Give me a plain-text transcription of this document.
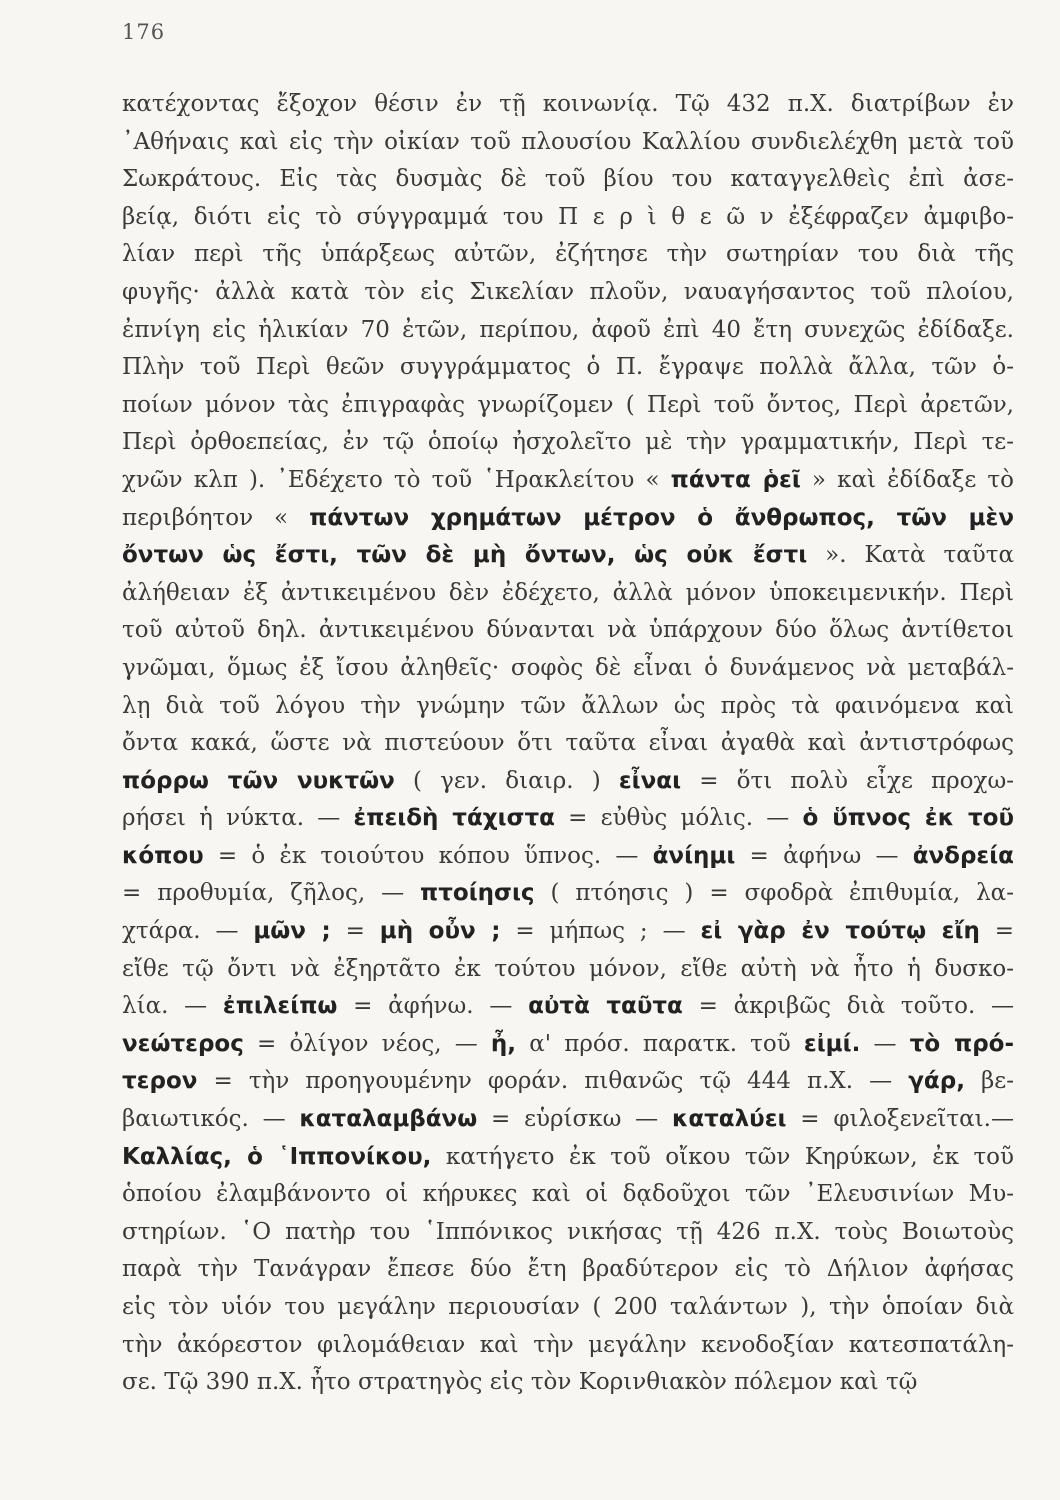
176
κατέχοντας ἔξοχον θέσιν ἐν τῇ κοινωνίᾳ. Τῷ 432 π.Χ. διατρίβων ἐν
᾿Αθήναις καὶ εἰς τὴν οἰκίαν τοῦ πλουσίου Καλλίου συνδιελέχθη μετὰ τοῦ
Σωκράτους. Εἰς τὰς δυσμὰς δὲ τοῦ βίου του καταγγελθεὶς ἐπὶ ἀσε-
βείᾳ, διότι εἰς τὸ σύγγραμμά του Π ε ρ ὶ θ ε ῶ ν ἐξέφραζεν ἀμφιβο-
λίαν περὶ τῆς ὑπάρξεως αὐτῶν, ἐζήτησε τὴν σωτηρίαν του διὰ τῆς
φυγῆς· ἀλλὰ κατὰ τὸν εἰς Σικελίαν πλοῦν, ναυαγήσαντος τοῦ πλοίου,
ἐπνίγη εἰς ἡλικίαν 70 ἐτῶν, περίπου, ἀφοῦ ἐπὶ 40 ἔτη συνεχῶς ἐδίδαξε.
Πλὴν τοῦ Περὶ θεῶν συγγράμματος ὁ Π. ἔγραψε πολλὰ ἄλλα, τῶν ὁ-
ποίων μόνον τὰς ἐπιγραφὰς γνωρίζομεν ( Περὶ τοῦ ὄντος, Περὶ ἀρετῶν,
Περὶ ὀρθοεπείας, ἐν τῷ ὁποίῳ ἠσχολεῖτο μὲ τὴν γραμματικήν, Περὶ τε-
χνῶν κλπ ). ᾿Εδέχετο τὸ τοῦ ῾Ηρακλείτου « πάντα ῥεῖ » καὶ ἐδίδαξε τὸ
περιβόητον « πάντων χρημάτων μέτρον ὁ ἄνθρωπος, τῶν μὲν
ὄντων ὡς ἔστι, τῶν δὲ μὴ ὄντων, ὡς οὐκ ἔστι ». Κατὰ ταῦτα
ἀλήθειαν ἐξ ἀντικειμένου δὲν ἐδέχετο, ἀλλὰ μόνον ὑποκειμενικήν. Περὶ
τοῦ αὐτοῦ δηλ. ἀντικειμένου δύνανται νὰ ὑπάρχουν δύο ὅλως ἀντίθετοι
γνῶμαι, ὅμως ἐξ ἴσου ἀληθεῖς· σοφὸς δὲ εἶναι ὁ δυνάμενος νὰ μεταβάλ-
λῃ διὰ τοῦ λόγου τὴν γνώμην τῶν ἄλλων ὡς πρὸς τὰ φαινόμενα καὶ
ὄντα κακά, ὥστε νὰ πιστεύουν ὅτι ταῦτα εἶναι ἀγαθὰ καὶ ἀντιστρόφως
πόρρω τῶν νυκτῶν ( γεν. διαιρ. ) εἶναι = ὅτι πολὺ εἶχε προχω-
ρήσει ἡ νύκτα. — ἐπειδὴ τάχιστα = εὐθὺς μόλις. — ὁ ὕπνος ἐκ τοῦ
κόπου = ὁ ἐκ τοιούτου κόπου ὕπνος. — ἀνίημι = ἀφήνω — ἀνδρεία
= προθυμία, ζῆλος, — πτοίησις ( πτόησις ) = σφοδρὰ ἐπιθυμία, λα-
χτάρα. — μῶν ; = μὴ οὖν ; = μήπως ; — εἰ γὰρ ἐν τούτῳ εἴη =
εἴθε τῷ ὄντι νὰ ἐξηρτᾶτο ἐκ τούτου μόνον, εἴθε αὐτὴ νὰ ἦτο ἡ δυσκο-
λία. — ἐπιλείπω = ἀφήνω. — αὐτὰ ταῦτα = ἀκριβῶς διὰ τοῦτο. —
νεώτερος = ὀλίγον νέος, — ἦ, α' πρόσ. παρατκ. τοῦ εἰμί. — τὸ πρό-
τερον = τὴν προηγουμένην φοράν. πιθανῶς τῷ 444 π.Χ. — γάρ, βε-
βαιωτικός. — καταλαμβάνω = εὑρίσκω — καταλύει = φιλοξενεῖται.—
Καλλίας, ὁ ῾Ιππονίκου, κατήγετο ἐκ τοῦ οἴκου τῶν Κηρύκων, ἐκ τοῦ
ὁποίου ἐλαμβάνοντο οἱ κήρυκες καὶ οἱ δᾳδοῦχοι τῶν ᾿Ελευσινίων Μυ-
στηρίων. ῾Ο πατὴρ του ῾Ιππόνικος νικήσας τῇ 426 π.Χ. τοὺς Βοιωτοὺς
παρὰ τὴν Τανάγραν ἔπεσε δύο ἔτη βραδύτερον εἰς τὸ Δήλιον ἀφήσας
εἰς τὸν υἱόν του μεγάλην περιουσίαν ( 200 ταλάντων ), τὴν ὁποίαν διὰ
τὴν ἀκόρεστον φιλομάθειαν καὶ τὴν μεγάλην κενοδοξίαν κατεσπατάλη-
σε. Τῷ 390 π.Χ. ἦτο στρατηγὸς εἰς τὸν Κορινθιακὸν πόλεμον καὶ τῷ
